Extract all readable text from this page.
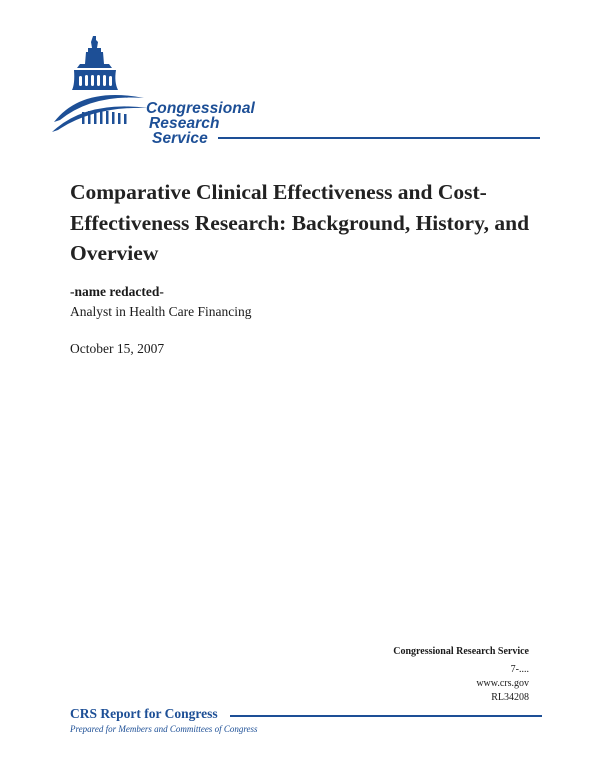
Congressional
Research
Service
Comparative Clinical Effectiveness and Cost-Effectiveness Research: Background, History, and Overview
-name redacted-
Analyst in Health Care Financing
October 15, 2007
Congressional Research Service
7-....
www.crs.gov
RL34208
CRS Report for Congress
Prepared for Members and Committees of Congress
